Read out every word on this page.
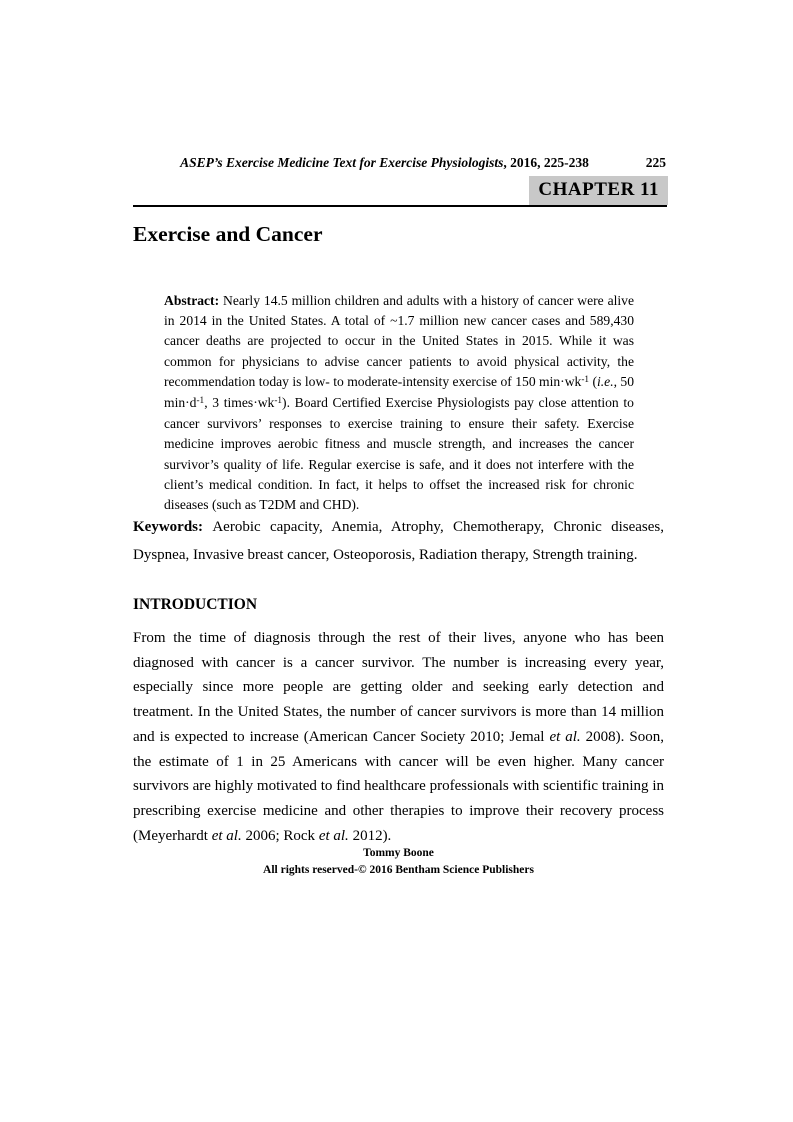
ASEP’s Exercise Medicine Text for Exercise Physiologists, 2016, 225-238	225
CHAPTER 11
Exercise and Cancer

Abstract: Nearly 14.5 million children and adults with a history of cancer were alive in 2014 in the United States. A total of ~1.7 million new cancer cases and 589,430 cancer deaths are projected to occur in the United States in 2015. While it was common for physicians to advise cancer patients to avoid physical activity, the recommendation today is low- to moderate-intensity exercise of 150 $\min\cdot wk^{-1}$ (i.e., 50 $\min\cdot d^{-1}$, 3 $times\cdot wk^{-1}$). Board Certified Exercise Physiologists pay close attention to cancer survivors’ responses to exercise training to ensure their safety. Exercise medicine improves aerobic fitness and muscle strength, and increases the cancer survivor’s quality of life. Regular exercise is safe, and it does not interfere with the client’s medical condition. In fact, it helps to offset the increased risk for chronic diseases (such as T2DM and CHD).

Keywords: Aerobic capacity, Anemia, Atrophy, Chemotherapy, Chronic diseases, Dyspnea, Invasive breast cancer, Osteoporosis, Radiation therapy, Strength training.

INTRODUCTION

From the time of diagnosis through the rest of their lives, anyone who has been diagnosed with cancer is a cancer survivor. The number is increasing every year, especially since more people are getting older and seeking early detection and treatment. In the United States, the number of cancer survivors is more than 14 million and is expected to increase (American Cancer Society 2010; Jemal et al. 2008). Soon, the estimate of 1 in 25 Americans with cancer will be even higher. Many cancer survivors are highly motivated to find healthcare professionals with scientific training in prescribing exercise medicine and other therapies to improve their recovery process (Meyerhardt et al. 2006; Rock et al. 2012).

Tommy Boone
All rights reserved-© 2016 Bentham Science Publishers
